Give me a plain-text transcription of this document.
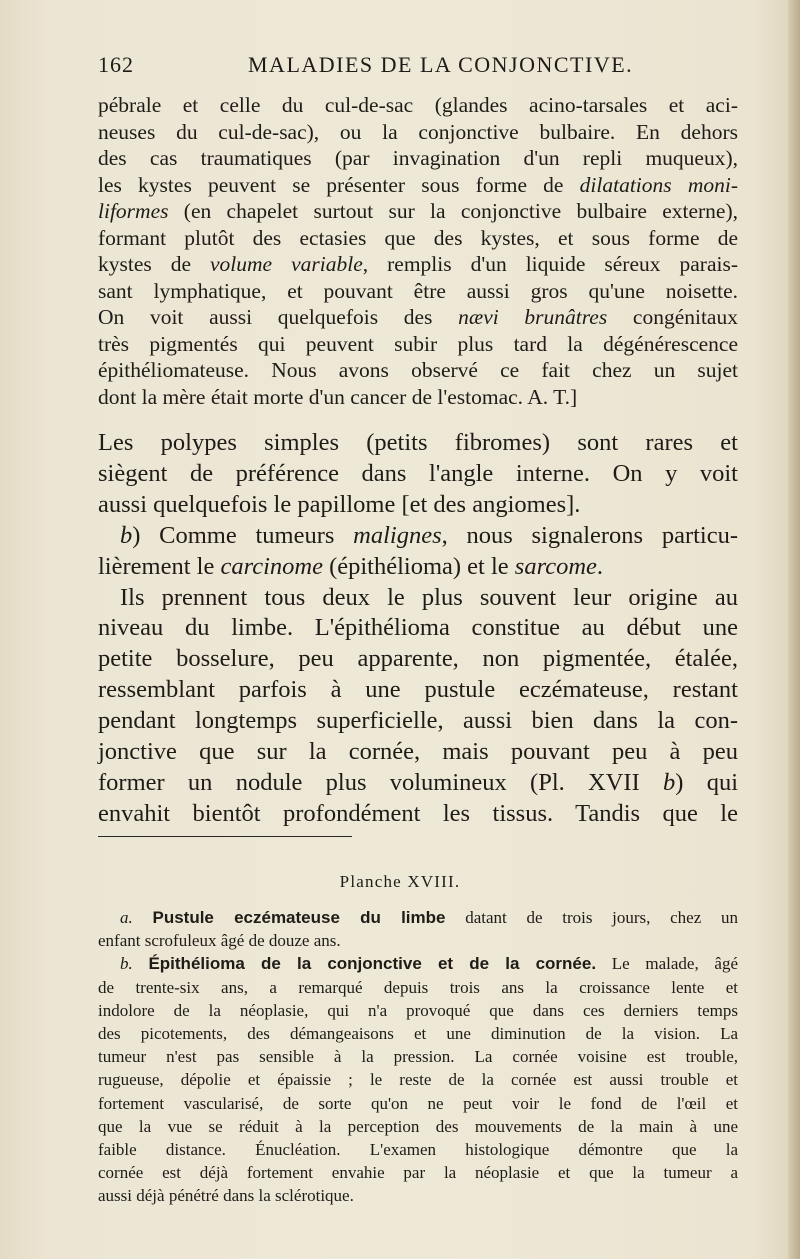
162	MALADIES DE LA CONJONCTIVE.
pébrale et celle du cul-de-sac (glandes acino-tarsales et aci-
neuses du cul-de-sac), ou la conjonctive bulbaire. En dehors
des cas traumatiques (par invagination d'un repli muqueux),
les kystes peuvent se présenter sous forme de dilatations moni-
liformes (en chapelet surtout sur la conjonctive bulbaire externe),
formant plutôt des ectasies que des kystes, et sous forme de
kystes de volume variable, remplis d'un liquide séreux parais-
sant lymphatique, et pouvant être aussi gros qu'une noisette.
On voit aussi quelquefois des nævi brunâtres congénitaux
très pigmentés qui peuvent subir plus tard la dégénérescence
épithéliomateuse. Nous avons observé ce fait chez un sujet
dont la mère était morte d'un cancer de l'estomac. A. T.]
Les polypes simples (petits fibromes) sont rares et
siègent de préférence dans l'angle interne. On y voit
aussi quelquefois le papillome [et des angiomes].
b) Comme tumeurs malignes, nous signalerons particu-
lièrement le carcinome (épithélioma) et le sarcome.
Ils prennent tous deux le plus souvent leur origine au
niveau du limbe. L'épithélioma constitue au début une
petite bosselure, peu apparente, non pigmentée, étalée,
ressemblant parfois à une pustule eczémateuse, restant
pendant longtemps superficielle, aussi bien dans la con-
jonctive que sur la cornée, mais pouvant peu à peu
former un nodule plus volumineux (Pl. XVII b) qui
envahit bientôt profondément les tissus. Tandis que le
Planche XVIII.
a. Pustule eczémateuse du limbe datant de trois jours, chez un
enfant scrofuleux âgé de douze ans.
b. Épithélioma de la conjonctive et de la cornée. Le malade, âgé
de trente-six ans, a remarqué depuis trois ans la croissance lente et
indolore de la néoplasie, qui n'a provoqué que dans ces derniers temps
des picotements, des démangeaisons et une diminution de la vision. La
tumeur n'est pas sensible à la pression. La cornée voisine est trouble,
rugueuse, dépolie et épaissie ; le reste de la cornée est aussi trouble et
fortement vascularisé, de sorte qu'on ne peut voir le fond de l'œil et
que la vue se réduit à la perception des mouvements de la main à une
faible distance. Énucléation. L'examen histologique démontre que la
cornée est déjà fortement envahie par la néoplasie et que la tumeur a
aussi déjà pénétré dans la sclérotique.
